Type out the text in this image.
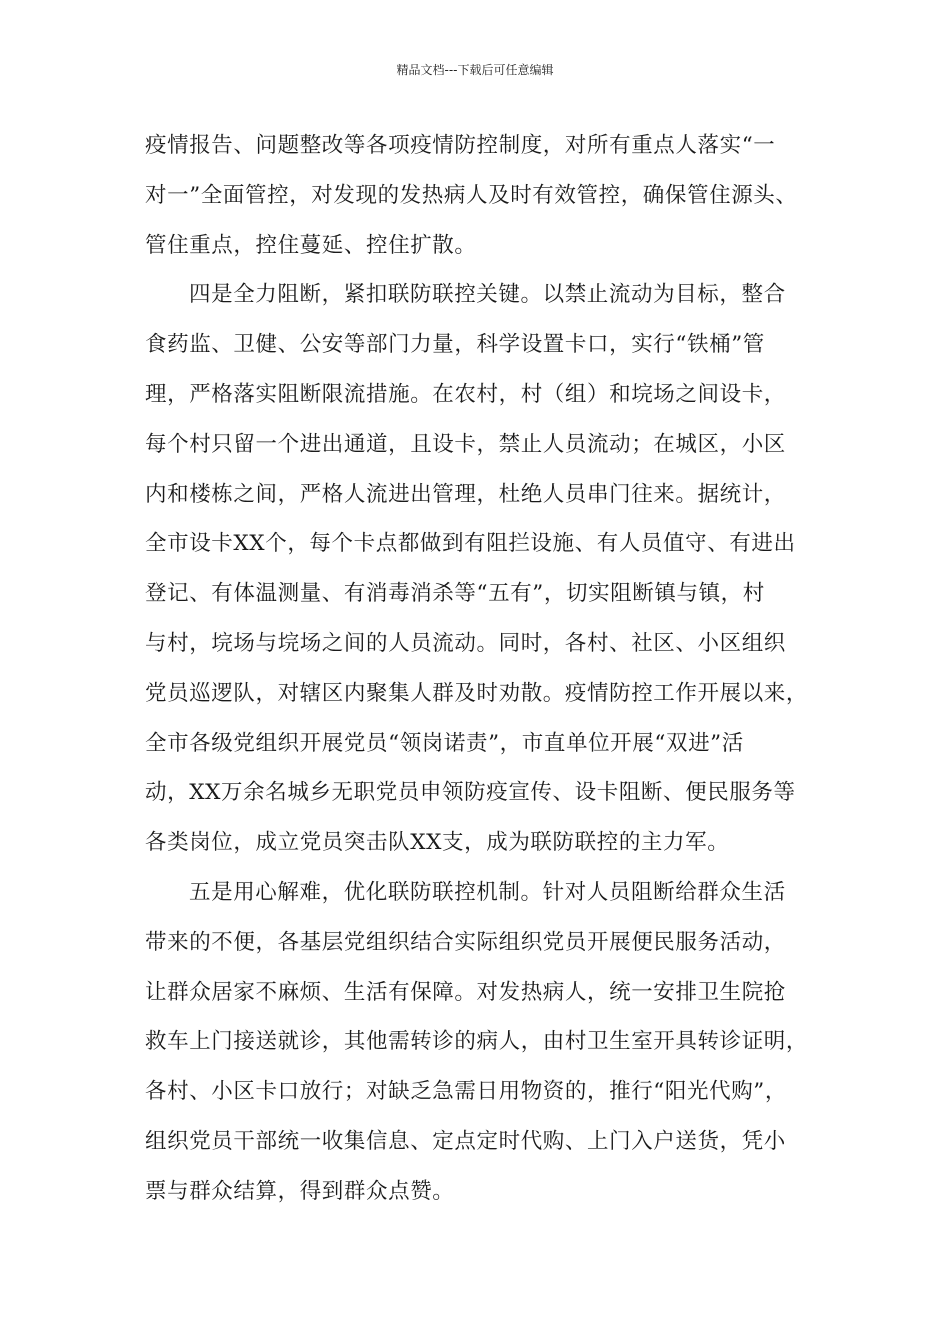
精品文档---下载后可任意编辑
疫情报告、问题整改等各项疫情防控制度，对所有重点人落实“一
对一”全面管控，对发现的发热病人及时有效管控，确保管住源头、
管住重点，控住蔓延、控住扩散。
四是全力阻断，紧扣联防联控关键。以禁止流动为目标，整合
食药监、卫健、公安等部门力量，科学设置卡口，实行“铁桶”管
理，严格落实阻断限流措施。在农村，村（组）和垸场之间设卡，
每个村只留一个进出通道，且设卡，禁止人员流动；在城区，小区
内和楼栋之间，严格人流进出管理，杜绝人员串门往来。据统计，
全市设卡XX个，每个卡点都做到有阻拦设施、有人员值守、有进出
登记、有体温测量、有消毒消杀等“五有”，切实阻断镇与镇，村
与村，垸场与垸场之间的人员流动。同时，各村、社区、小区组织
党员巡逻队，对辖区内聚集人群及时劝散。疫情防控工作开展以来，
全市各级党组织开展党员“领岗诺责”，市直单位开展“双进”活
动，XX万余名城乡无职党员申领防疫宣传、设卡阻断、便民服务等
各类岗位，成立党员突击队XX支，成为联防联控的主力军。
五是用心解难，优化联防联控机制。针对人员阻断给群众生活
带来的不便，各基层党组织结合实际组织党员开展便民服务活动，
让群众居家不麻烦、生活有保障。对发热病人，统一安排卫生院抢
救车上门接送就诊，其他需转诊的病人，由村卫生室开具转诊证明，
各村、小区卡口放行；对缺乏急需日用物资的，推行“阳光代购”，
组织党员干部统一收集信息、定点定时代购、上门入户送货，凭小
票与群众结算，得到群众点赞。
